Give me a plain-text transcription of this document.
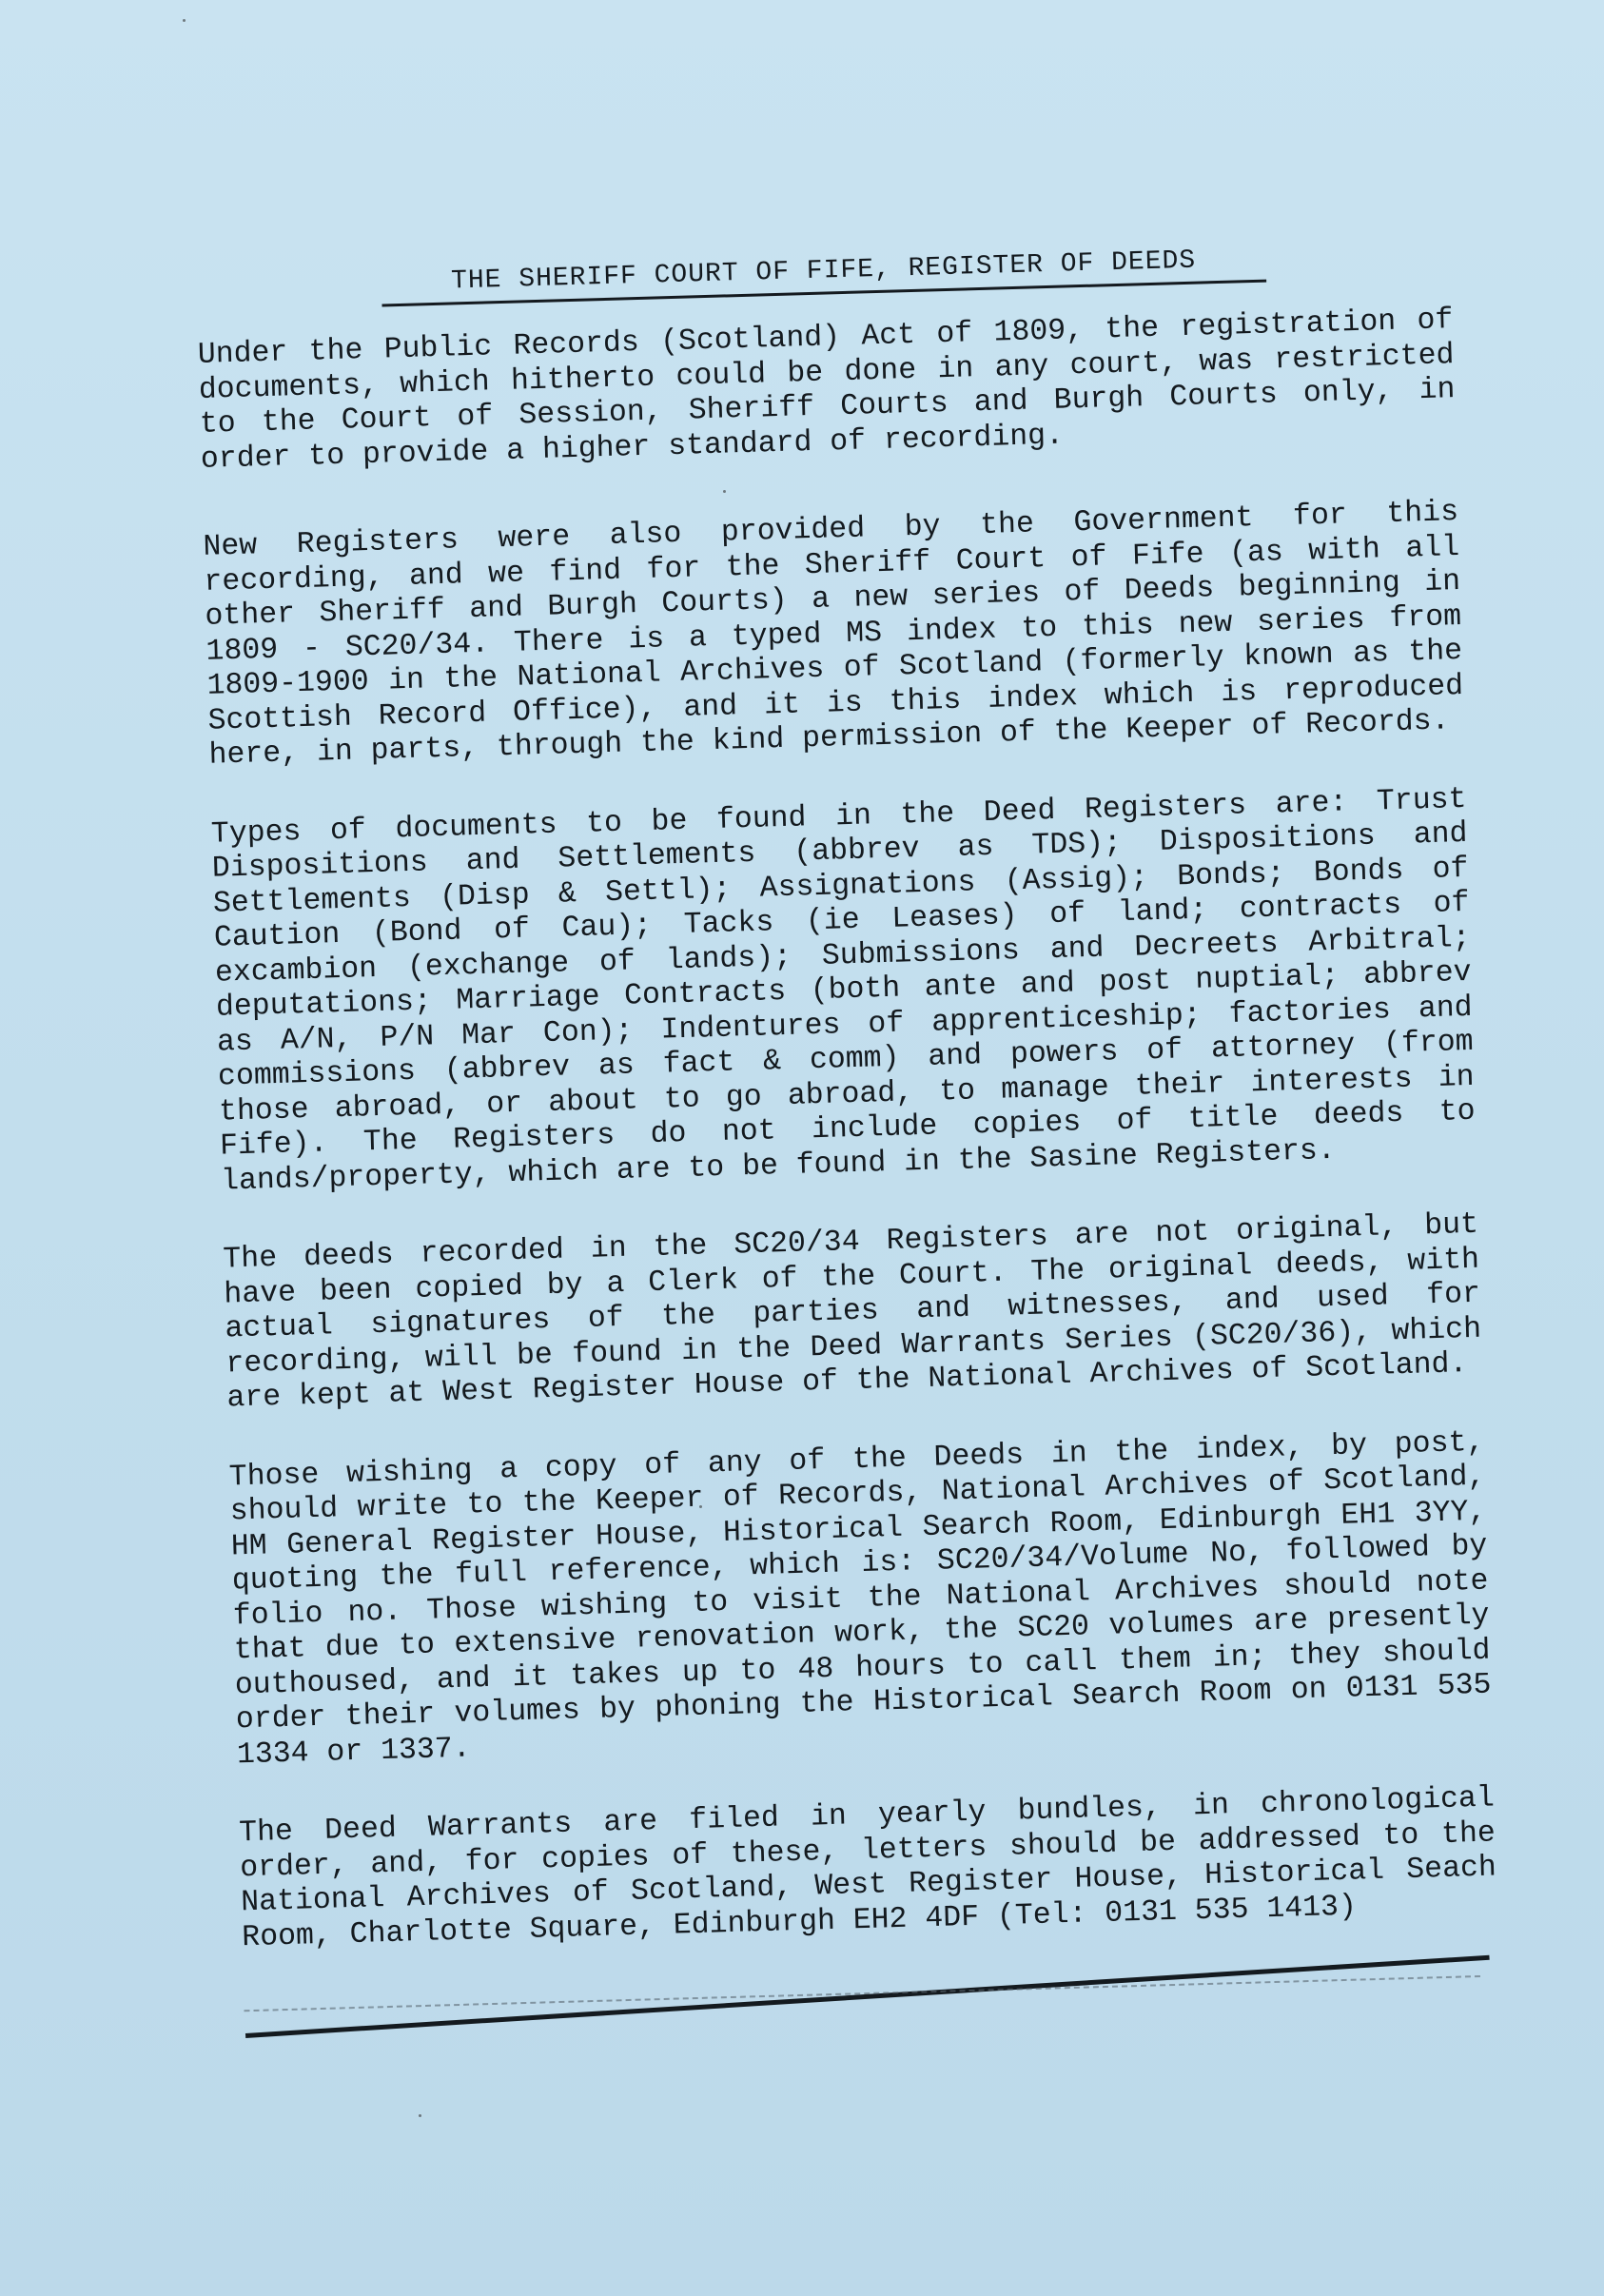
THE SHERIFF COURT OF FIFE, REGISTER OF DEEDS

Under the Public Records (Scotland) Act of 1809, the registration of documents, which hitherto could be done in any court, was restricted to the Court of Session, Sheriff Courts and Burgh Courts only, in order to provide a higher standard of recording.

New Registers were also provided by the Government for this recording, and we find for the Sheriff Court of Fife (as with all other Sheriff and Burgh Courts) a new series of Deeds beginning in 1809 - SC20/34. There is a typed MS index to this new series from 1809-1900 in the National Archives of Scotland (formerly known as the Scottish Record Office), and it is this index which is reproduced here, in parts, through the kind permission of the Keeper of Records.

Types of documents to be found in the Deed Registers are: Trust Dispositions and Settlements (abbrev as TDS); Dispositions and Settlements (Disp & Settl); Assignations (Assig); Bonds; Bonds of Caution (Bond of Cau); Tacks (ie Leases) of land; contracts of excambion (exchange of lands); Submissions and Decreets Arbitral; deputations; Marriage Contracts (both ante and post nuptial; abbrev as A/N, P/N Mar Con); Indentures of apprenticeship; factories and commissions (abbrev as fact & comm) and powers of attorney (from those abroad, or about to go abroad, to manage their interests in Fife). The Registers do not include copies of title deeds to lands/property, which are to be found in the Sasine Registers.

The deeds recorded in the SC20/34 Registers are not original, but have been copied by a Clerk of the Court. The original deeds, with actual signatures of the parties and witnesses, and used for recording, will be found in the Deed Warrants Series (SC20/36), which are kept at West Register House of the National Archives of Scotland.

Those wishing a copy of any of the Deeds in the index, by post, should write to the Keeper of Records, National Archives of Scotland, HM General Register House, Historical Search Room, Edinburgh EH1 3YY, quoting the full reference, which is: SC20/34/Volume No, followed by folio no. Those wishing to visit the National Archives should note that due to extensive renovation work, the SC20 volumes are presently outhoused, and it takes up to 48 hours to call them in; they should order their volumes by phoning the Historical Search Room on 0131 535 1334 or 1337.

The Deed Warrants are filed in yearly bundles, in chronological order, and, for copies of these, letters should be addressed to the National Archives of Scotland, West Register House, Historical Seach Room, Charlotte Square, Edinburgh EH2 4DF (Tel: 0131 535 1413)
